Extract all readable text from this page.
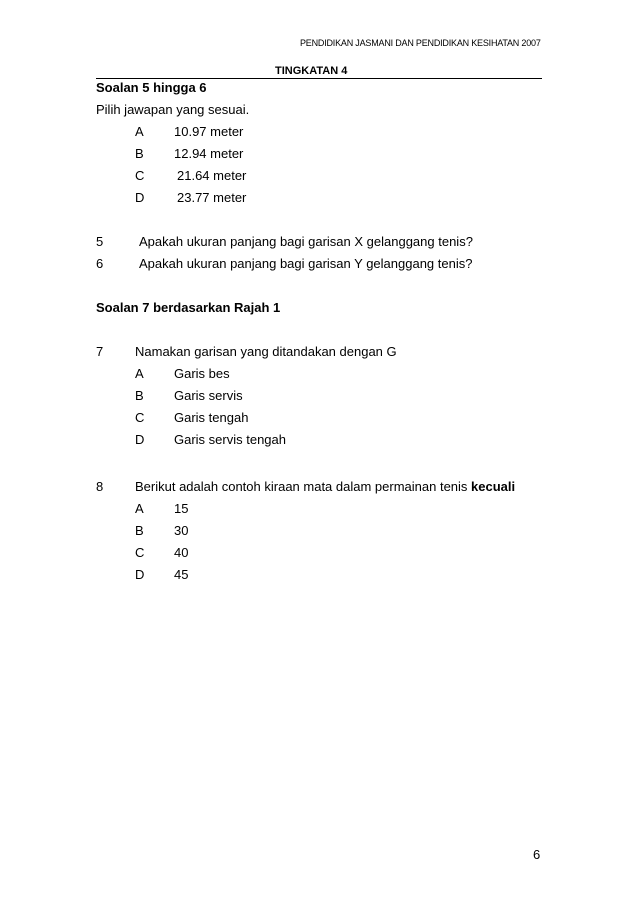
PENDIDIKAN JASMANI DAN PENDIDIKAN KESIHATAN 2007
TINGKATAN 4
Soalan 5 hingga 6
Pilih jawapan yang sesuai.
A 10.97 meter
B 12.94 meter
C	21.64 meter
D	23.77 meter
5	Apakah ukuran panjang bagi garisan X gelanggang tenis?
6	Apakah ukuran panjang bagi garisan Y gelanggang tenis?
Soalan 7 berdasarkan Rajah 1
7 Namakan garisan yang ditandakan dengan G
A Garis bes
B Garis servis
C Garis tengah
D Garis servis tengah
8 Berikut adalah contoh kiraan mata dalam permainan tenis kecuali
A 15
B 30
C 40
D 45
6
